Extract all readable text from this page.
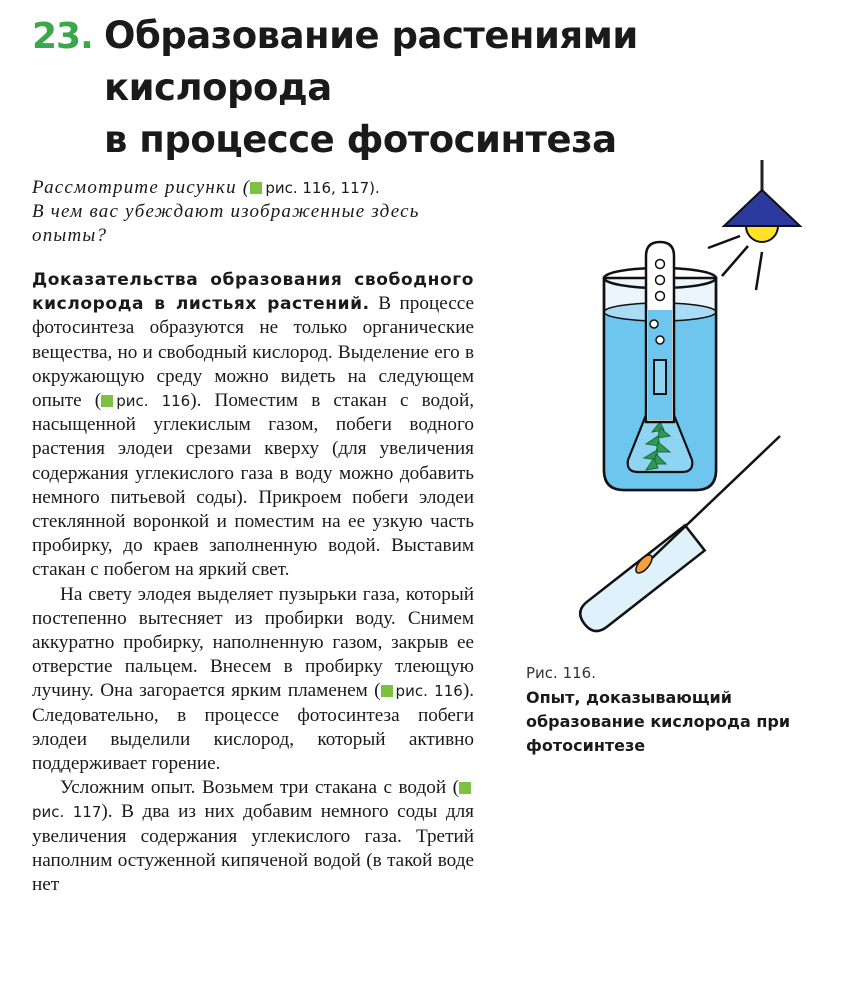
23. Образование растениями кислорода
в процессе фотосинтеза
Рассмотрите рисунки ( рис. 116, 117).
В чем вас убеждают изображенные здесь
опыты?

Доказательства образования свободного кислорода в листьях растений. В процессе фотосинтеза образуются не только органические вещества, но и свободный кислород. Выделение его в окружающую среду можно видеть на следующем опыте ( рис. 116). Поместим в стакан с водой, насыщенной углекислым газом, побеги водного растения элодеи срезами кверху (для увеличения содержания углекислого газа в воду можно добавить немного питьевой соды). Прикроем побеги элодеи стеклянной воронкой и поместим на ее узкую часть пробирку, до краев заполненную водой. Выставим стакан с побегом на яркий свет.

На свету элодея выделяет пузырьки газа, который постепенно вытесняет из пробирки воду. Снимем аккуратно пробирку, наполненную газом, закрыв ее отверстие пальцем. Внесем в пробирку тлеющую лучину. Она загорается ярким пламенем ( рис. 116). Следовательно, в процессе фотосинтеза побеги элодеи выделили кислород, который активно поддерживает горение.

Усложним опыт. Возьмем три стакана с водой (рис. 117). В два из них добавим немного соды для увеличения содержания углекислого газа. Третий наполним остуженной кипяченой водой (в такой воде нет

Рис. 116.
Опыт, доказывающий образование кислорода при фотосинтезе
